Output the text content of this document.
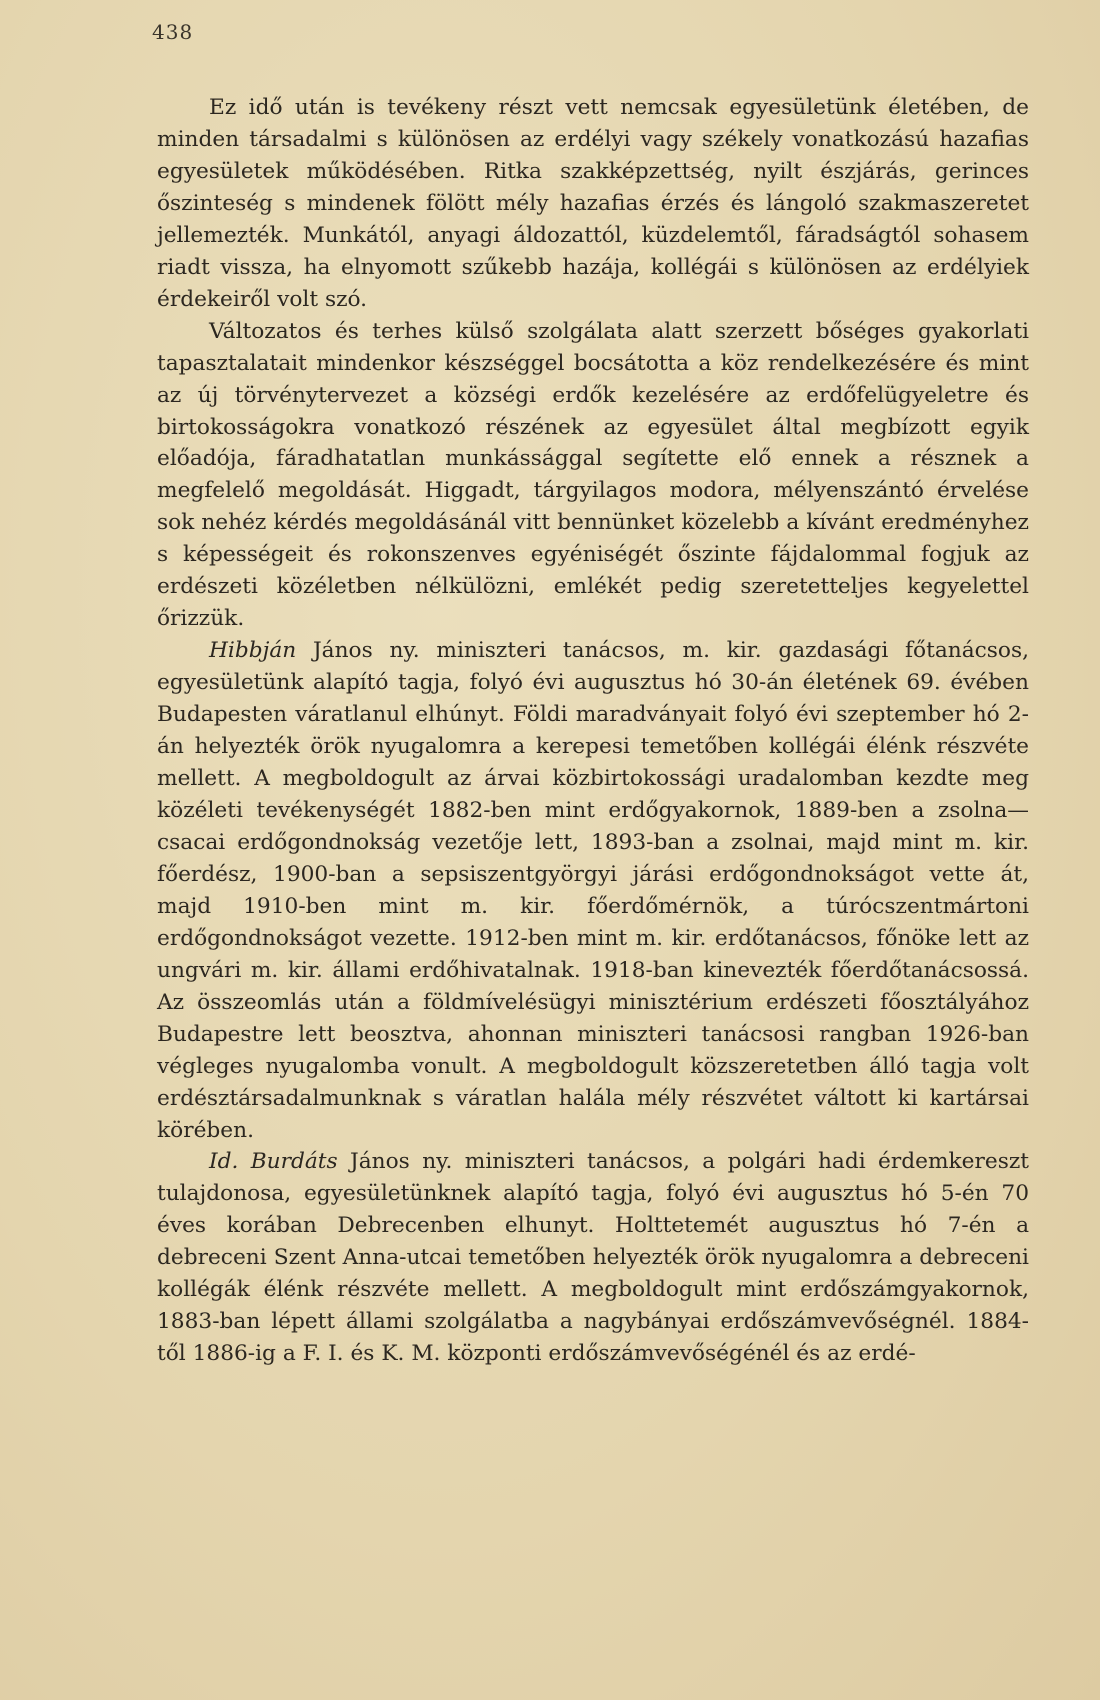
438

Ez idő után is tevékeny részt vett nemcsak egyesületünk életében, de minden társadalmi s különösen az erdélyi vagy székely vonatkozású hazafias egyesületek működésében. Ritka szakképzettség, nyilt észjárás, gerinces őszinteség s mindenek fölött mély hazafias érzés és lángoló szakmaszeretet jellemezték. Munkától, anyagi áldozattól, küzdelemtől, fáradságtól sohasem riadt vissza, ha elnyomott szűkebb hazája, kollégái s különösen az erdélyiek érdekeiről volt szó.

Változatos és terhes külső szolgálata alatt szerzett bőséges gyakorlati tapasztalatait mindenkor készséggel bocsátotta a köz rendelkezésére és mint az új törvénytervezet a községi erdők kezelésére az erdőfelügyeletre és birtokosságokra vonatkozó részének az egyesület által megbízott egyik előadója, fáradhatatlan munkássággal segítette elő ennek a résznek a megfelelő megoldását. Higgadt, tárgyilagos modora, mélyenszántó érvelése sok nehéz kérdés megoldásánál vitt bennünket közelebb a kívánt eredményhez s képességeit és rokonszenves egyéniségét őszinte fájdalommal fogjuk az erdészeti közéletben nélkülözni, emlékét pedig szeretetteljes kegyelettel őrizzük.

Hibbján János ny. miniszteri tanácsos, m. kir. gazdasági főtanácsos, egyesületünk alapító tagja, folyó évi augusztus hó 30-án életének 69. évében Budapesten váratlanul elhúnyt. Földi maradványait folyó évi szeptember hó 2-án helyezték örök nyugalomra a kerepesi temetőben kollégái élénk részvéte mellett. A megboldogult az árvai közbirtokossági uradalomban kezdte meg közéleti tevékenységét 1882-ben mint erdőgyakornok, 1889-ben a zsolna—csacai erdőgondnokság vezetője lett, 1893-ban a zsolnai, majd mint m. kir. főerdész, 1900-ban a sepsiszentgyörgyi járási erdőgondnokságot vette át, majd 1910-ben mint m. kir. főerdőmérnök, a túrócszentmártoni erdőgondnokságot vezette. 1912-ben mint m. kir. erdőtanácsos, főnöke lett az ungvári m. kir. állami erdőhivatalnak. 1918-ban kinevezték főerdőtanácsossá. Az összeomlás után a földmívelésügyi minisztérium erdészeti főosztályához Budapestre lett beosztva, ahonnan miniszteri tanácsosi rangban 1926-ban végleges nyugalomba vonult. A megboldogult közszeretetben álló tagja volt erdésztársadalmunknak s váratlan halála mély részvétet váltott ki kartársai körében.

Id. Burdáts János ny. miniszteri tanácsos, a polgári hadi érdemkereszt tulajdonosa, egyesületünknek alapító tagja, folyó évi augusztus hó 5-én 70 éves korában Debrecenben elhunyt. Holttetemét augusztus hó 7-én a debreceni Szent Anna-utcai temetőben helyezték örök nyugalomra a debreceni kollégák élénk részvéte mellett. A megboldogult mint erdőszámgyakornok, 1883-ban lépett állami szolgálatba a nagybányai erdőszámvevőségnél. 1884-től 1886-ig a F. I. és K. M. központi erdőszámvevőségénél és az erdé-
